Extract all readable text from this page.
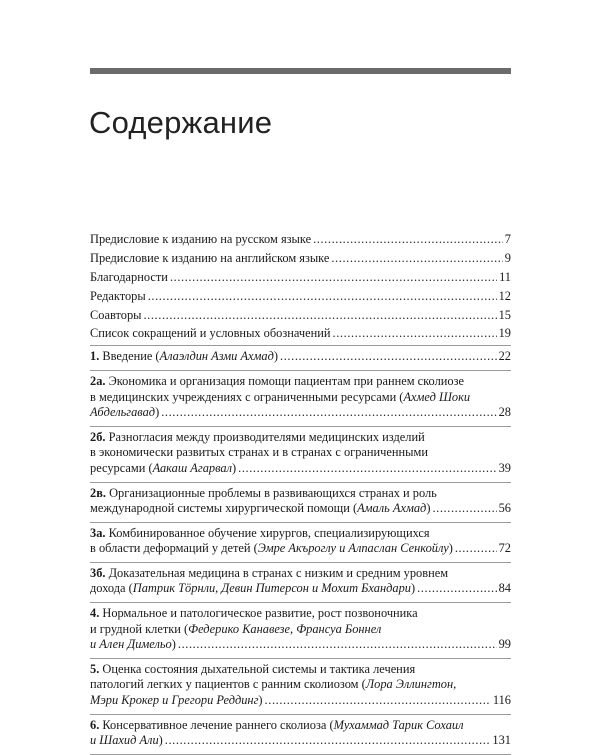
Содержание
Предисловие к изданию на русском языке .....	7
Предисловие к изданию на английском языке .....	9
Благодарности .....	11
Редакторы .....	12
Соавторы .....	15
Список сокращений и условных обозначений .....	19
1. Введение (Алаэлдин Азми Ахмад) .....	22
2а. Экономика и организация помощи пациентам при раннем сколиозе
в медицинских учреждениях с ограниченными ресурсами (Ахмед Шоки
Абдельгавад) .....	28
2б. Разногласия между производителями медицинских изделий
в экономически развитых странах и в странах с ограниченными
ресурсами (Аакаш Агарвал) .....	39
2в. Организационные проблемы в развивающихся странах и роль
международной системы хирургической помощи (Амаль Ахмад) .....	56
3а. Комбинированное обучение хирургов, специализирующихся
в области деформаций у детей (Эмре Акъроглу и Алпаслан Сенкойлу) .....	72
3б. Доказательная медицина в странах с низким и средним уровнем
дохода (Патрик Тӧрнли, Девин Питерсон и Мохит Бхандари) .....	84
4. Нормальное и патологическое развитие, рост позвоночника
и грудной клетки (Федерико Канавезе, Франсуа Боннел
и Ален Димельо) .....	99
5. Оценка состояния дыхательной системы и тактика лечения
патологий легких у пациентов с ранним сколиозом (Лора Эллингтон,
Мэри Крокер и Грегори Реддинг) .....	116
6. Консервативное лечение раннего сколиоза (Мухаммад Тарик Сохаил
и Шахид Али) .....	131
